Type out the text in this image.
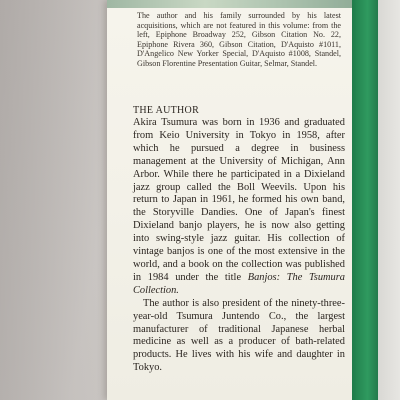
The author and his family surrounded by his latest acquisitions, which are not featured in this volume: from the left, Epiphone Broadway 252, Gibson Citation No. 22, Epiphone Rivera 360, Gibson Citation, D'Aquisto #1011, D'Angelico New Yorker Special, D'Aquisto #1008, Standel, Gibson Florentine Presentation Guitar, Selmar, Standel.
THE AUTHOR

Akira Tsumura was born in 1936 and graduated from Keio University in Tokyo in 1958, after which he pursued a degree in business management at the University of Michigan, Ann Arbor. While there he participated in a Dixieland jazz group called the Boll Weevils. Upon his return to Japan in 1961, he formed his own band, the Storyville Dandies. One of Japan's finest Dixieland banjo players, he is now also getting into swing-style jazz guitar. His collection of vintage banjos is one of the most extensive in the world, and a book on the collection was published in 1984 under the title Banjos: The Tsumura Collection.

The author is also president of the ninety-three-year-old Tsumura Juntendo Co., the largest manufacturer of traditional Japanese herbal medicine as well as a producer of bath-related products. He lives with his wife and daughter in Tokyo.
